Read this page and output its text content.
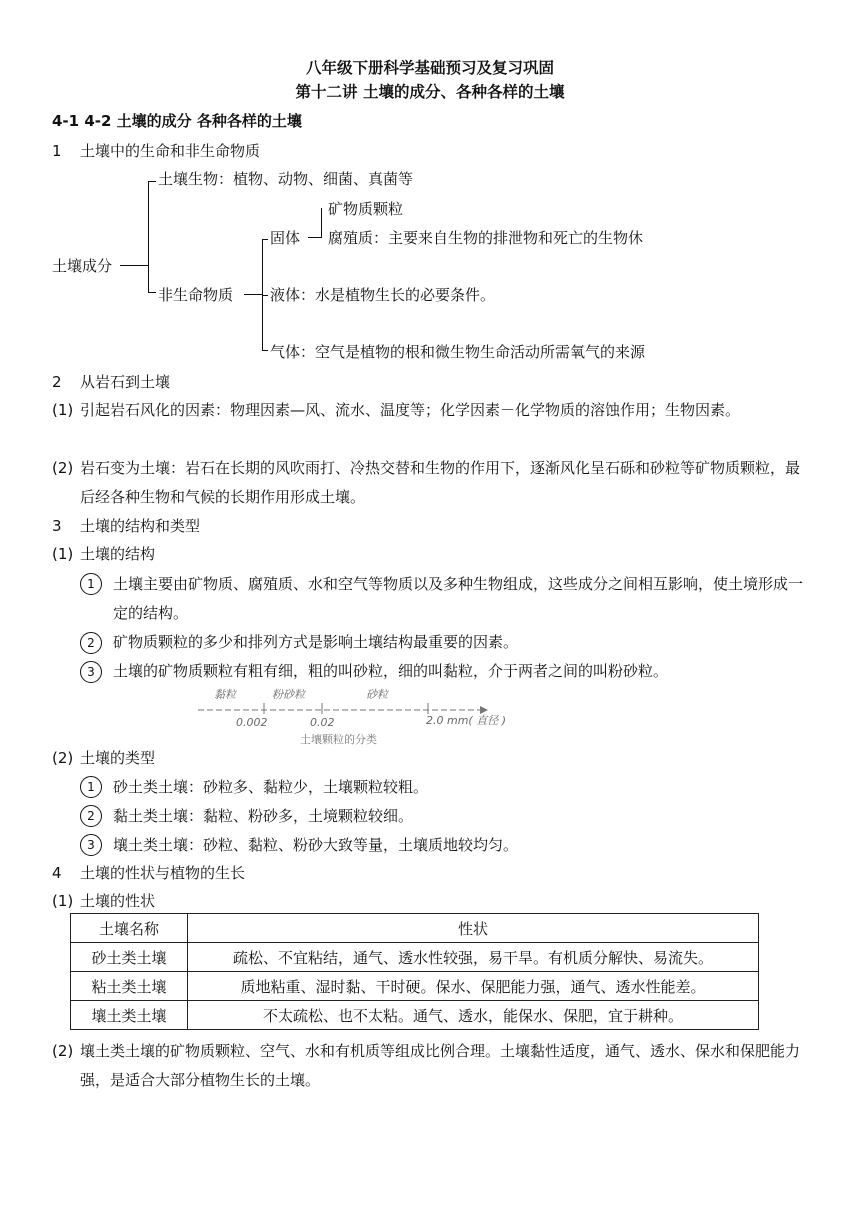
八年级下册科学基础预习及复习巩固
第十二讲 土壤的成分、各种各样的土壤
4-1 4-2 土壤的成分 各种各样的土壤
1 土壤中的生命和非生命物质
土壤成分
土壤生物：植物、动物、细菌、真菌等
非生命物质
固体
矿物质颗粒
腐殖质：主要来自生物的排泄物和死亡的生物休
液体：水是植物生长的必要条件。
气体：空气是植物的根和微生物生命活动所需氧气的来源
2 从岩石到土壤
(1) 引起岩石风化的因素：物理因素—风、流水、温度等；化学因素－化学物质的溶蚀作用；生物因素。
(2) 岩石变为土壤：岩石在长期的风吹雨打、冷热交替和生物的作用下，逐渐风化呈石砾和砂粒等矿物质颗粒，最后经各种生物和气候的长期作用形成土壤。
3 土壤的结构和类型
(1) 土壤的结构
1	土壤主要由矿物质、腐殖质、水和空气等物质以及多种生物组成，这些成分之间相互影响，使土境形成一定的结构。
2	矿物质颗粒的多少和排列方式是影响土壤结构最重要的因素。
3	土壤的矿物质颗粒有粗有细，粗的叫砂粒，细的叫黏粒，介于两者之间的叫粉砂粒。
黏粒	粉砂粒	砂粒
0.002	0.02	2.0 mm( 直径 )
土壤颗粒的分类
(2) 土壤的类型
1	砂土类土壤：砂粒多、黏粒少，土壤颗粒较粗。
2	黏土类土壤：黏粒、粉砂多，土境颗粒较细。
3	壤土类土壤：砂粒、黏粒、粉砂大致等量，土壤质地较均匀。
4 土壤的性状与植物的生长
(1) 土壤的性状
土壤名称	性状
砂土类土壤	疏松、不宜粘结，通气、透水性较强，易干旱。有机质分解快、易流失。
粘土类土壤	质地粘重、湿时黏、干时硬。保水、保肥能力强，通气、透水性能差。
壤土类土壤	不太疏松、也不太粘。通气、透水，能保水、保肥，宜于耕种。
(2) 壤土类土壤的矿物质颗粒、空气、水和有机质等组成比例合理。土壤黏性适度，通气、透水、保水和保肥能力强，是适合大部分植物生长的土壤。
